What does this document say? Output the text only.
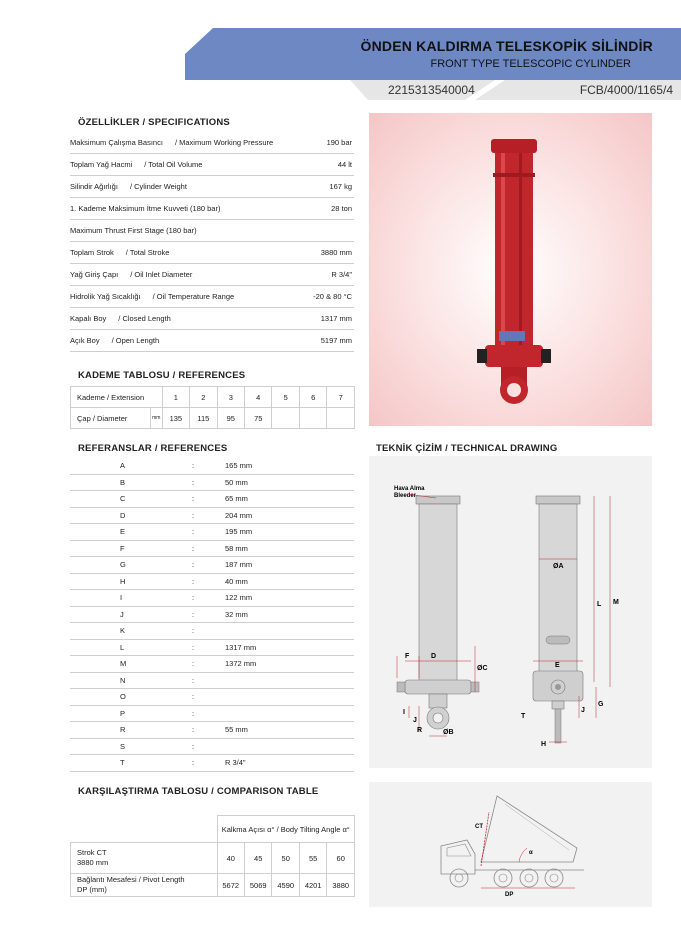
ÖNDEN KALDIRMA TELESKOPİK SİLİNDİR
FRONT TYPE TELESCOPIC CYLINDER
2215313540004	FCB/4000/1165/4
ÖZELLİKLER / SPECIFICATIONS
Maksimum Çalışma Basıncı / Maximum Working Pressure	190 bar
Toplam Yağ Hacmi / Total Oil Volume	44 lt
Silindir Ağırlığı / Cylinder Weight	167 kg
1. Kademe Maksimum İtme Kuvveti (180 bar)	28 ton
Maximum Thrust First Stage (180 bar)
Toplam Strok / Total Stroke	3880 mm
Yağ Giriş Çapı / Oil Inlet Diameter	R 3/4"
Hidrolik Yağ Sıcaklığı / Oil Temperature Range	-20 & 80 °C
Kapalı Boy / Closed Length	1317 mm
Açık Boy / Open Length	5197 mm
KADEME TABLOSU / REFERENCES
Kademe / Extension		1	2	3	4	5	6	7
Çap / Diameter	mm	135	115	95	75			
REFERANSLAR / REFERENCES
A	:	165 mm
B	:	50 mm
C	:	65 mm
D	:	204 mm
E	:	195 mm
F	:	58 mm
G	:	187 mm
H	:	40 mm
I	:	122 mm
J	:	32 mm
K	:
L	:	1317 mm
M	:	1372 mm
N	:
O	:
P	:
R	:	55 mm
S	:
T	:	R 3/4"
KARŞILAŞTIRMA TABLOSU / COMPARISON TABLE
	Kalkma Açısı α° / Body Tilting Angle α°				
Strok CT
3880 mm	40	45	50	55	60
Bağlantı Mesafesi / Pivot Length
DP (mm)	5672	5069	4590	4201	3880
TEKNİK ÇİZİM / TECHNICAL DRAWING
Hava Alma
Bleeder
F	D
ØC
I
J
R	ØB
ØA
E
L M
G
J
T
H
CT
α
DP
